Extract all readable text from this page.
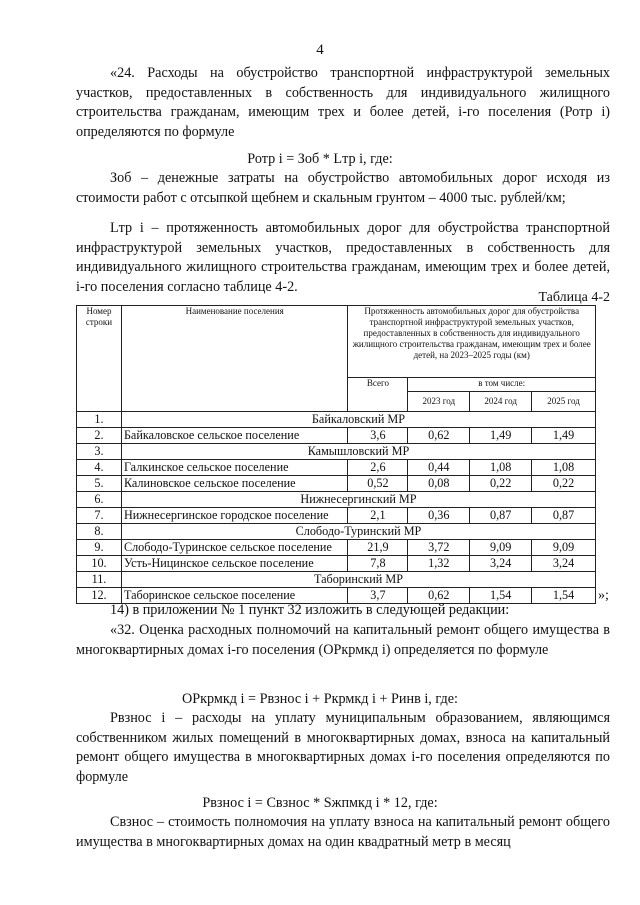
4

«24. Расходы на обустройство транспортной инфраструктурой земельных участков, предоставленных в собственность для индивидуального жилищного строительства гражданам, имеющим трех и более детей, i-го поселения (Ротр i) определяются по формуле

Ротр i = Зоб * Lтр i, где:

Зоб – денежные затраты на обустройство автомобильных дорог исходя из стоимости работ с отсыпкой щебнем и скальным грунтом – 4000 тыс. рублей/км;

Lтр i – протяженность автомобильных дорог для обустройства транспортной инфраструктурой земельных участков, предоставленных в собственность для индивидуального жилищного строительства гражданам, имеющим трех и более детей, i-го поселения согласно таблице 4-2.

Таблица 4-2
Номер строки	Наименование поселения	Протяженность автомобильных дорог для обустройства транспортной инфраструктурой земельных участков, предоставленных в собственность для индивидуального жилищного строительства гражданам, имеющим трех и более детей, на 2023–2025 годы (км)			
		Всего	в том числе:		
			2023 год	2024 год	2025 год
1.	Байкаловский МР				
2.	Байкаловское сельское поселение	3,6	0,62	1,49	1,49
3.	Камышловский МР				
4.	Галкинское сельское поселение	2,6	0,44	1,08	1,08
5.	Калиновское сельское поселение	0,52	0,08	0,22	0,22
6.	Нижнесергинский МР				
7.	Нижнесергинское городское поселение	2,1	0,36	0,87	0,87
8.	Слободо-Туринский МР				
9.	Слободо-Туринское сельское поселение	21,9	3,72	9,09	9,09
10.	Усть-Ницинское сельское поселение	7,8	1,32	3,24	3,24
11.	Таборинский МР				
12.	Таборинское сельское поселение	3,7	0,62	1,54	1,54 »;

14) в приложении № 1 пункт 32 изложить в следующей редакции:

«32. Оценка расходных полномочий на капитальный ремонт общего имущества в многоквартирных домах i-го поселения (ОРкрмкд i) определяется по формуле

ОРкрмкд i = Рвзнос i + Ркрмкд i + Ринв i, где:

Рвзнос i – расходы на уплату муниципальным образованием, являющимся собственником жилых помещений в многоквартирных домах, взноса на капитальный ремонт общего имущества в многоквартирных домах i-го поселения определяются по формуле

Рвзнос i = Свзнос * Sжпмкд i * 12, где:

Свзнос – стоимость полномочия на уплату взноса на капитальный ремонт общего имущества в многоквартирных домах на один квадратный метр в месяц
